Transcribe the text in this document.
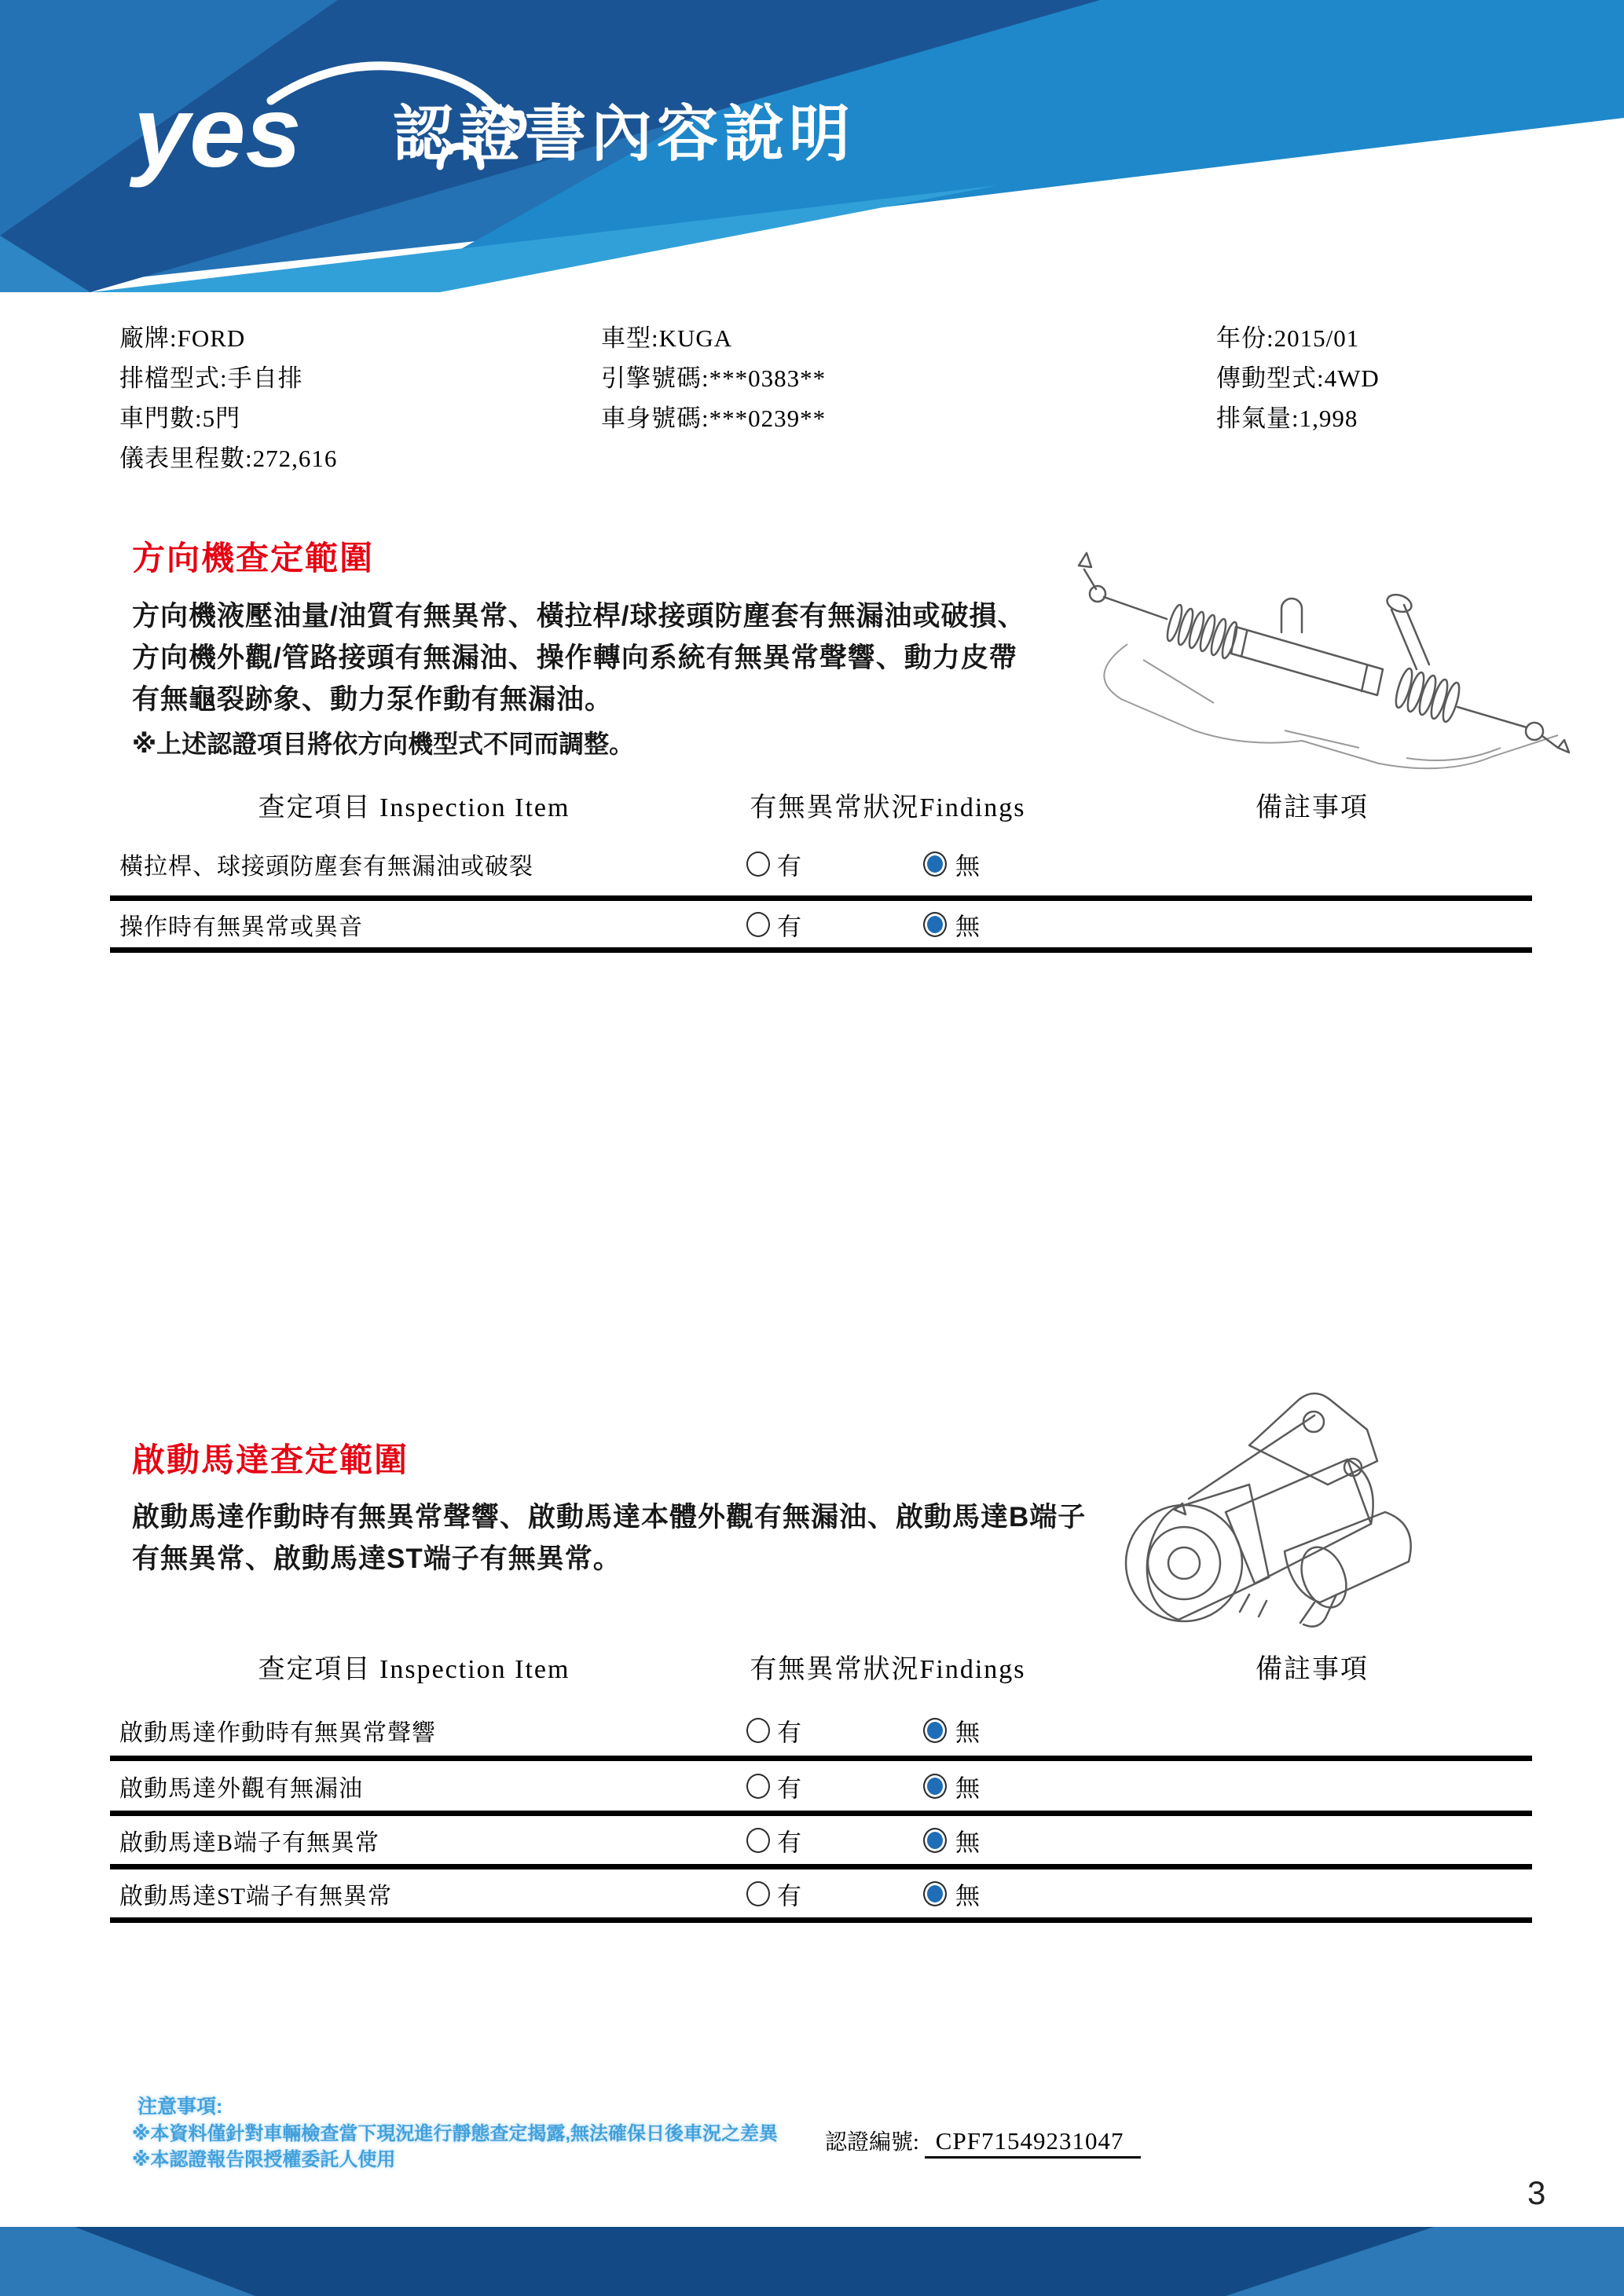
yes 認證書內容說明
廠牌:FORD
排檔型式:手自排
車門數:5門
儀表里程數:272,616
車型:KUGA
引擎號碼:***0383**
車身號碼:***0239**
年份:2015/01
傳動型式:4WD
排氣量:1,998
方向機查定範圍
方向機液壓油量/油質有無異常、橫拉桿/球接頭防塵套有無漏油或破損、
方向機外觀/管路接頭有無漏油、操作轉向系統有無異常聲響、動力皮帶
有無龜裂跡象、動力泵作動有無漏油。
※上述認證項目將依方向機型式不同而調整。
查定項目 Inspection Item	有無異常狀況Findings	備註事項
橫拉桿、球接頭防塵套有無漏油或破裂	有	無
操作時有無異常或異音	有	無
啟動馬達查定範圍
啟動馬達作動時有無異常聲響、啟動馬達本體外觀有無漏油、啟動馬達B端子
有無異常、啟動馬達ST端子有無異常。
查定項目 Inspection Item	有無異常狀況Findings	備註事項
啟動馬達作動時有無異常聲響	有	無
啟動馬達外觀有無漏油	有	無
啟動馬達B端子有無異常	有	無
啟動馬達ST端子有無異常	有	無
注意事項:
※本資料僅針對車輛檢查當下現況進行靜態查定揭露,無法確保日後車況之差異
※本認證報告限授權委託人使用
認證編號: CPF71549231047
3
